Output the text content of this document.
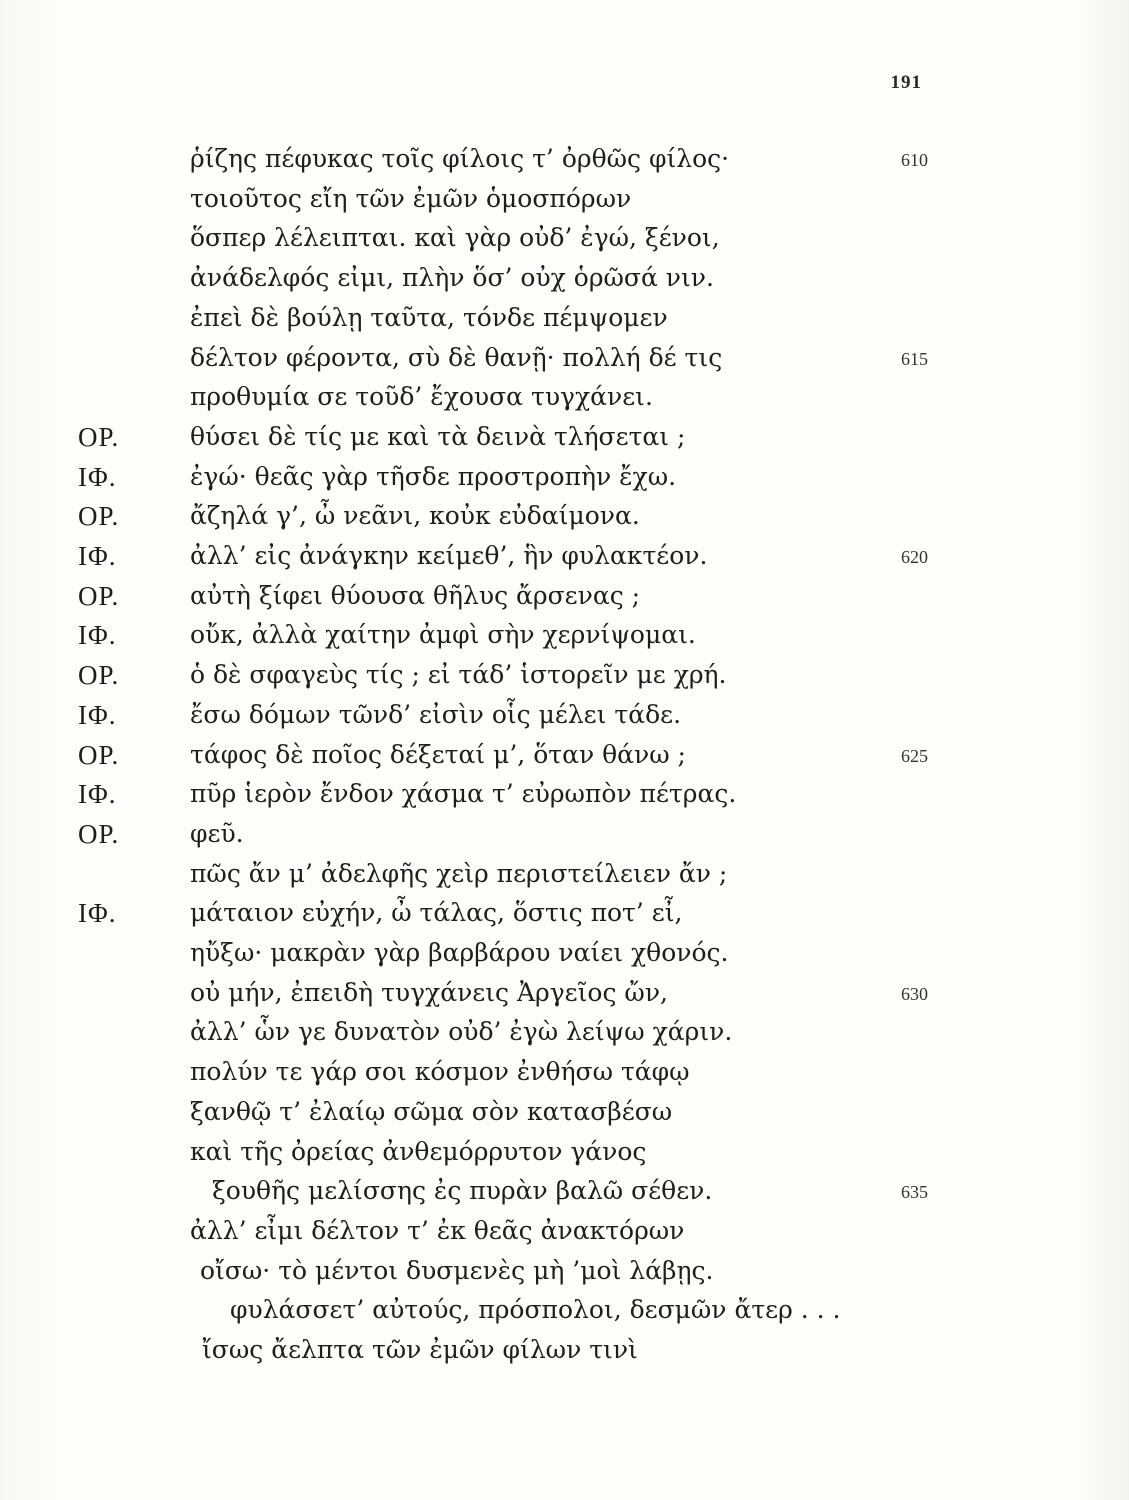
191
ῥίζης πέφυκας τοῖς φίλοις τ’ ὀρθῶς φίλος·	610
τοιοῦτος εἴη τῶν ἐμῶν ὁμοσπόρων
ὅσπερ λέλειπται. καὶ γὰρ οὐδ’ ἐγώ, ξένοι,
ἀνάδελφός εἰμι, πλὴν ὅσ’ οὐχ ὁρῶσά νιν.
ἐπεὶ δὲ βούλῃ ταῦτα, τόνδε πέμψομεν
δέλτον φέροντα, σὺ δὲ θανῇ· πολλή δέ τις	615
προθυμία σε τοῦδ’ ἔχουσα τυγχάνει.
ΟΡ.	θύσει δὲ τίς με καὶ τὰ δεινὰ τλήσεται ;
ΙΦ.	ἐγώ· θεᾶς γὰρ τῆσδε προστροπὴν ἔχω.
ΟΡ.	ἄζηλά γ’, ὦ νεᾶνι, κοὐκ εὐδαίμονα.
ΙΦ.	ἀλλ’ εἰς ἀνάγκην κείμεθ’, ἣν φυλακτέον.	620
ΟΡ.	αὐτὴ ξίφει θύουσα θῆλυς ἄρσενας ;
ΙΦ.	οὔκ, ἀλλὰ χαίτην ἀμφὶ σὴν χερνίψομαι.
ΟΡ.	ὁ δὲ σφαγεὺς τίς ; εἰ τάδ’ ἱστορεῖν με χρή.
ΙΦ.	ἔσω δόμων τῶνδ’ εἰσὶν οἷς μέλει τάδε.
ΟΡ.	τάφος δὲ ποῖος δέξεταί μ’, ὅταν θάνω ;	625
ΙΦ.	πῦρ ἱερὸν ἔνδον χάσμα τ’ εὐρωπὸν πέτρας.
ΟΡ.	φεῦ.
πῶς ἄν μ’ ἀδελφῆς χεὶρ περιστείλειεν ἄν ;
ΙΦ.	μάταιον εὐχήν, ὦ τάλας, ὅστις ποτ’ εἶ,
ηὔξω· μακρὰν γὰρ βαρβάρου ναίει χθονός.
οὐ μήν, ἐπειδὴ τυγχάνεις Ἀργεῖος ὤν,	630
ἀλλ’ ὧν γε δυνατὸν οὐδ’ ἐγὼ λείψω χάριν.
πολύν τε γάρ σοι κόσμον ἐνθήσω τάφῳ
ξανθῷ τ’ ἐλαίῳ σῶμα σὸν κατασβέσω
καὶ τῆς ὀρείας ἀνθεμόρρυτον γάνος
ξουθῆς μελίσσης ἐς πυρὰν βαλῶ σέθεν.	635
ἀλλ’ εἶμι δέλτον τ’ ἐκ θεᾶς ἀνακτόρων
οἴσω· τὸ μέντοι δυσμενὲς μὴ ’μοὶ λάβῃς.
φυλάσσετ’ αὐτούς, πρόσπολοι, δεσμῶν ἄτερ . . .
ἴσως ἄελπτα τῶν ἐμῶν φίλων τινὶ
